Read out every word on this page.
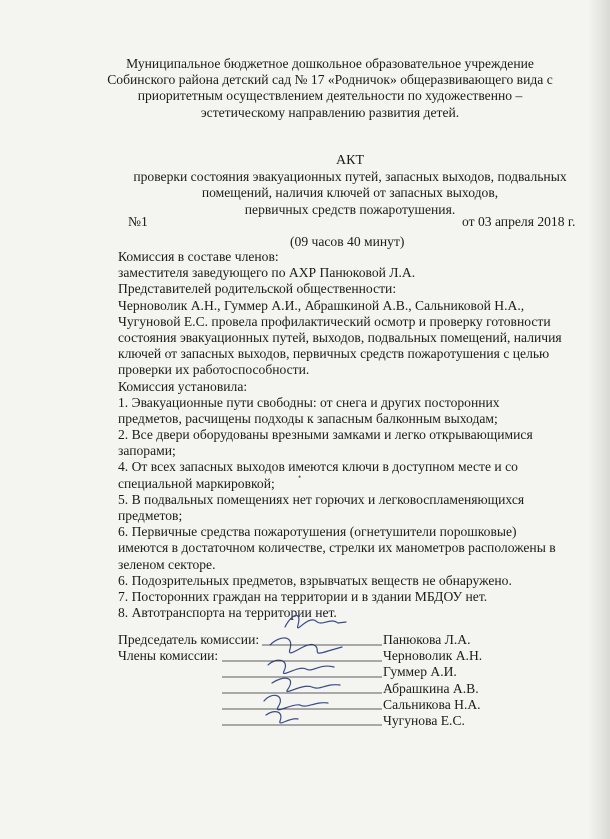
Муниципальное бюджетное дошкольное образовательное учреждение
Собинского района детский сад № 17 «Родничок» общеразвивающего вида с
приоритетным осуществлением деятельности по художественно –
эстетическому направлению развития детей.
АКТ
проверки состояния эвакуационных путей, запасных выходов, подвальных
помещений, наличия ключей от запасных выходов,
первичных средств пожаротушения.
№1	от 03 апреля 2018 г.
(09 часов 40 минут)
Комиссия в составе членов:
заместителя заведующего по АХР Панюковой Л.А.
Представителей родительской общественности:
Черноволик А.Н., Гуммер А.И., Абрашкиной А.В., Сальниковой Н.А.,
Чугуновой Е.С. провела профилактический осмотр и проверку готовности
состояния эвакуационных путей, выходов, подвальных помещений, наличия
ключей от запасных выходов, первичных средств пожаротушения с целью
проверки их работоспособности.
Комиссия установила:
1. Эвакуационные пути свободны: от снега и других посторонних
предметов, расчищены подходы к запасным балконным выходам;
2. Все двери оборудованы врезными замками и легко открывающимися
запорами;
4. От всех запасных выходов имеются ключи в доступном месте и со
специальной маркировкой;
5. В подвальных помещениях нет горючих и легковоспламеняющихся
предметов;
6. Первичные средства пожаротушения (огнетушители порошковые)
имеются в достаточном количестве, стрелки их манометров расположены в
зеленом секторе.
6. Подозрительных предметов, взрывчатых веществ не обнаружено.
7. Посторонних граждан на территории и в здании МБДОУ нет.
8. Автотранспорта на территории нет.
•
Председатель комиссии:
Члены комиссии:
Панюкова Л.А.
Черноволик А.Н.
Гуммер А.И.
Абрашкина А.В.
Сальникова Н.А.
Чугунова Е.С.
